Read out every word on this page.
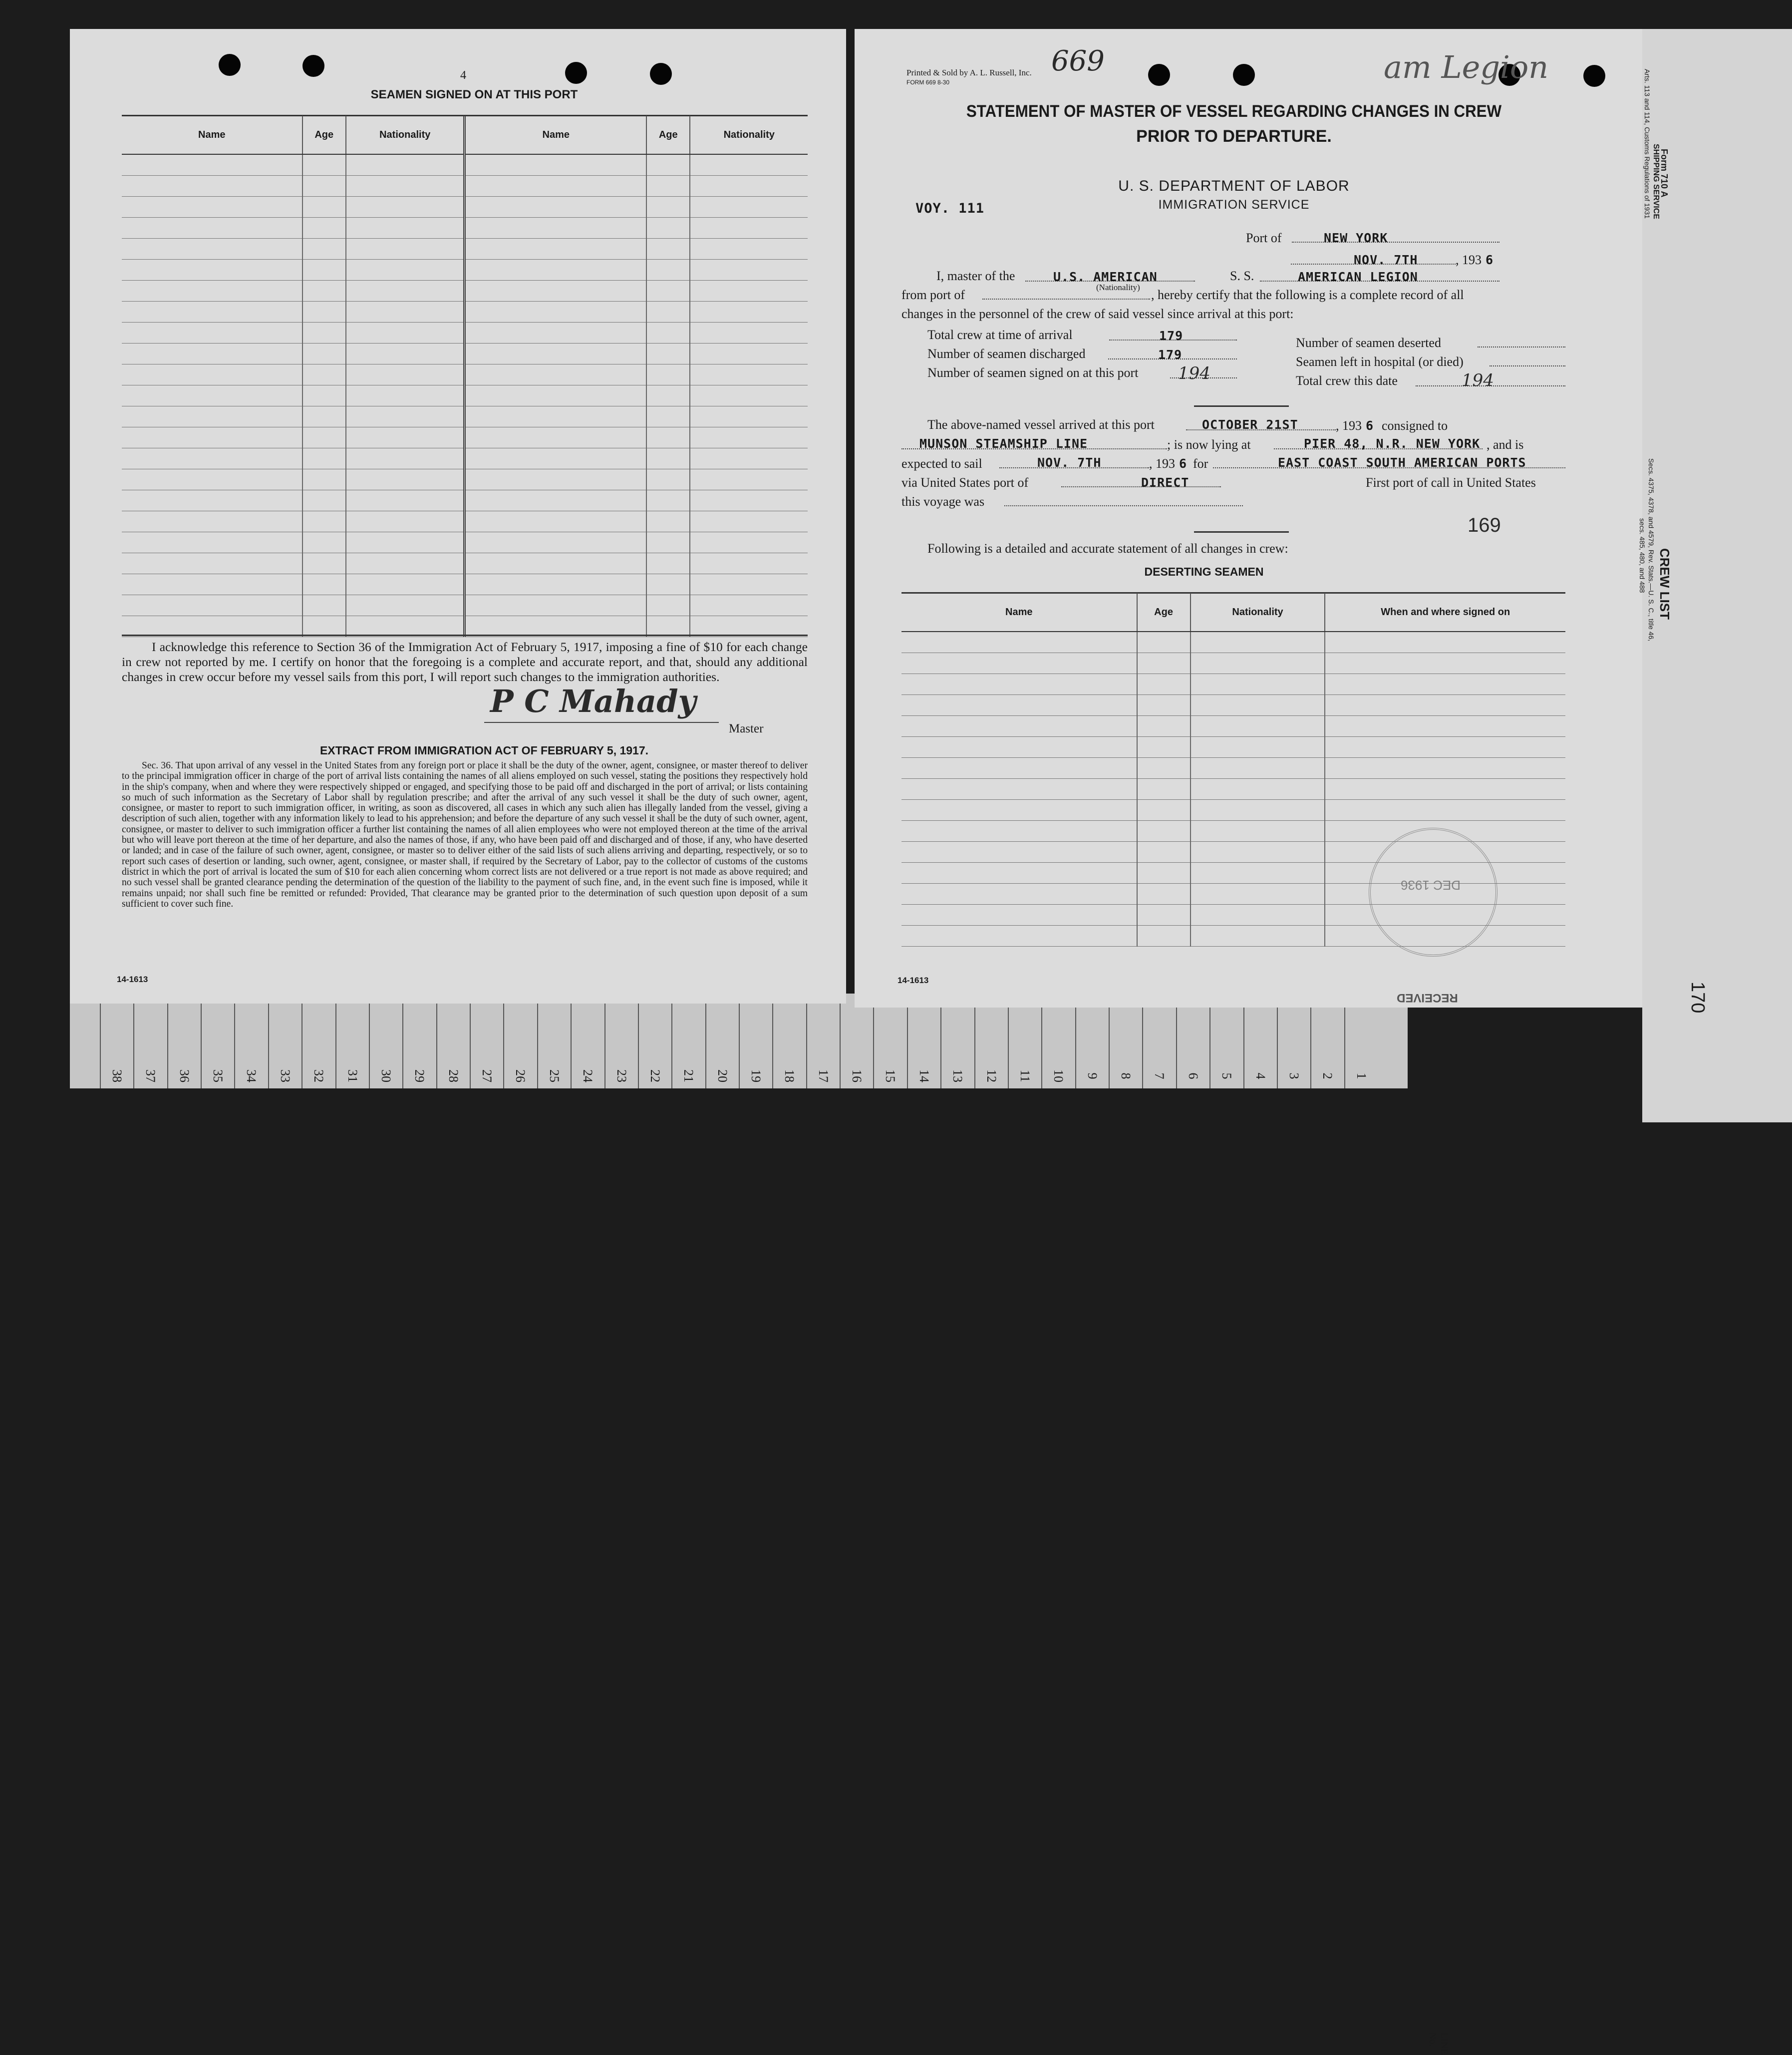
38 37 36 35 34 33 32 31 30 29 28 27 26 25 24 23 22 21 20 19 18 17 16 15 14 13 12 11 10 9 8 7 6 5 4 3 2 1
LINE No.
4
SEAMEN SIGNED ON AT THIS PORT
Name	Age	Nationality	Name	Age	Nationality

I acknowledge this reference to Section 36 of the Immigration Act of February 5, 1917, imposing a fine of $10 for each change in crew not reported by me. I certify on honor that the foregoing is a complete and accurate report, and that, should any additional changes in crew occur before my vessel sails from this port, I will report such changes to the immigration authorities.
P C Mahady
Master
EXTRACT FROM IMMIGRATION ACT OF FEBRUARY 5, 1917.
Sec. 36. That upon arrival of any vessel in the United States from any foreign port or place it shall be the duty of the owner, agent, consignee, or master thereof to deliver to the principal immigration officer in charge of the port of arrival lists containing the names of all aliens employed on such vessel, stating the positions they respectively hold in the ship's company, when and where they were respectively shipped or engaged, and specifying those to be paid off and discharged in the port of arrival; or lists containing so much of such information as the Secretary of Labor shall by regulation prescribe; and after the arrival of any such vessel it shall be the duty of such owner, agent, consignee, or master to report to such immigration officer, in writing, as soon as discovered, all cases in which any such alien has illegally landed from the vessel, giving a description of such alien, together with any information likely to lead to his apprehension; and before the departure of any such vessel it shall be the duty of such owner, agent, consignee, or master to deliver to such immigration officer a further list containing the names of all alien employees who were not employed thereon at the time of the arrival but who will leave port thereon at the time of her departure, and also the names of those, if any, who have been paid off and discharged and of those, if any, who have deserted or landed; and in case of the failure of such owner, agent, consignee, or master so to deliver either of the said lists of such aliens arriving and departing, respectively, or so to report such cases of desertion or landing, such owner, agent, consignee, or master shall, if required by the Secretary of Labor, pay to the collector of customs of the customs district in which the port of arrival is located the sum of $10 for each alien concerning whom correct lists are not delivered or a true report is not made as above required; and no such vessel shall be granted clearance pending the determination of the question of the liability to the payment of such fine, and, in the event such fine is imposed, while it remains unpaid; nor shall such fine be remitted or refunded: Provided, That clearance may be granted prior to the determination of such question upon deposit of a sum sufficient to cover such fine.
14-1613
Printed & Sold by A. L. Russell, Inc.
FORM 669 8-30
669	am Legion
STATEMENT OF MASTER OF VESSEL REGARDING CHANGES IN CREW
PRIOR TO DEPARTURE.
U. S. DEPARTMENT OF LABOR
IMMIGRATION SERVICE
VOY. 111
Port of	NEW YORK
NOV. 7TH	, 193 6
I, master of the	U.S. AMERICAN
(Nationality)
S. S.	AMERICAN LEGION
from port of	, hereby certify that the following is a complete record of all
changes in the personnel of the crew of said vessel since arrival at this port:
Total crew at time of arrival	179
Number of seamen discharged	179
Number of seamen signed on at this port 194
Number of seamen deserted
Seamen left in hospital (or died)
Total crew this date	194
The above-named vessel arrived at this port	OCTOBER 21ST	, 193 6 consigned to
MUNSON STEAMSHIP LINE	; is now lying at	PIER 48, N.R. NEW YORK , and is
expected to sail	NOV. 7TH	, 193 6 for	EAST COAST SOUTH AMERICAN PORTS
via United States port of	DIRECT	First port of call in United States
this voyage was
169
Following is a detailed and accurate statement of all changes in crew:
DESERTING SEAMEN
Name	Age	Nationality	When and where signed on

DEC 1936
14-1613
RECEIVED
Form 710 A
SHIPPING SERVICE
Arts. 113 and 114, Customs Regulations of 1931
CREW LIST
Secs. 4375, 4378, and 4579, Rev. Stats.—U. S. C., title 46,
secs. 485, 480, and 488
170
